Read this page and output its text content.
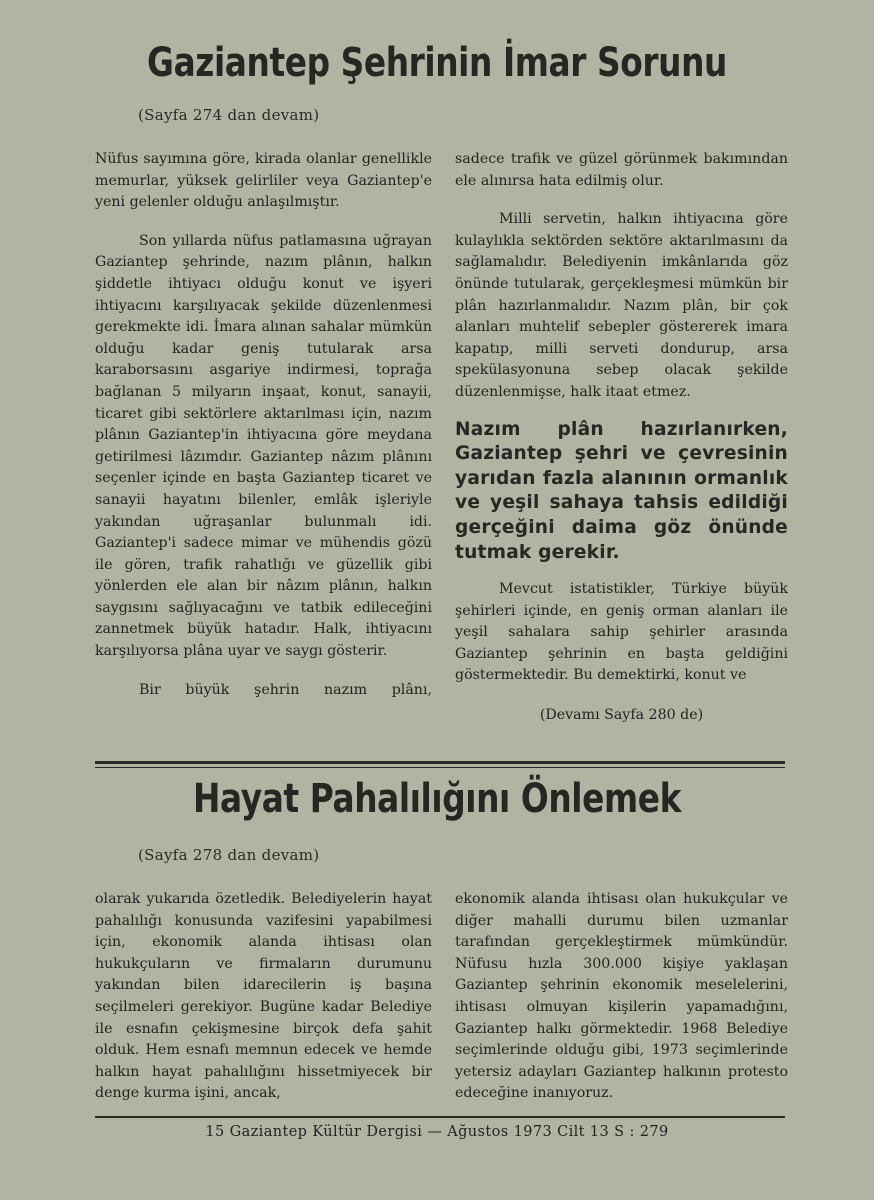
Gaziantep Şehrinin İmar Sorunu
(Sayfa 274 dan devam)

Nüfus sayımına göre, kirada olanlar genellikle memurlar, yüksek gelirliler veya Gaziantep'e yeni gelenler olduğu anlaşılmıştır.

Son yıllarda nüfus patlamasına uğrayan Gaziantep şehrinde, nazım plânın, halkın şiddetle ihtiyacı olduğu konut ve işyeri ihtiyacını karşılıyacak şekilde düzenlenmesi gerekmekte idi. İmara alınan sahalar mümkün olduğu kadar geniş tutularak arsa karaborsasını asgariye indirmesi, toprağa bağlanan 5 milyarın inşaat, konut, sanayii, ticaret gibi sektörlere aktarılması için, nazım plânın Gaziantep'in ihtiyacına göre meydana getirilmesi lâzımdır. Gaziantep nâzım plânını seçenler içinde en başta Gaziantep ticaret ve sanayii hayatını bilenler, emlâk işleriyle yakından uğraşanlar bulunmalı idi. Gaziantep'i sadece mimar ve mühendis gözü ile gören, trafik rahatlığı ve güzellik gibi yönlerden ele alan bir nâzım plânın, halkın saygısını sağlıyacağını ve tatbik edileceğini zannetmek büyük hatadır. Halk, ihtiyacını karşılıyorsa plâna uyar ve saygı gösterir.

Bir büyük şehrin nazım plânı,

sadece trafik ve güzel görünmek bakımından ele alınırsa hata edilmiş olur.

Milli servetin, halkın ihtiyacına göre kulaylıkla sektörden sektöre aktarılmasını da sağlamalıdır. Belediyenin imkânlarıda göz önünde tutularak, gerçekleşmesi mümkün bir plân hazırlanmalıdır. Nazım plân, bir çok alanları muhtelif sebepler göstererek imara kapatıp, milli serveti dondurup, arsa spekülasyonuna sebep olacak şekilde düzenlenmişse, halk itaat etmez.

Nazım plân hazırlanırken, Gaziantep şehri ve çevresinin yarıdan fazla alanının ormanlık ve yeşil sahaya tahsis edildiği gerçeğini daima göz önünde tutmak gerekir.

Mevcut istatistikler, Türkiye büyük şehirleri içinde, en geniş orman alanları ile yeşil sahalara sahip şehirler arasında Gaziantep şehrinin en başta geldiğini göstermektedir. Bu demektirki, konut ve

(Devamı Sayfa 280 de)
Hayat Pahalılığını Önlemek
(Sayfa 278 dan devam)

olarak yukarıda özetledik. Belediyelerin hayat pahalılığı konusunda vazifesini yapabilmesi için, ekonomik alanda ihtisası olan hukukçuların ve firmaların durumunu yakından bilen idarecilerin iş başına seçilmeleri gerekiyor. Bugüne kadar Belediye ile esnafın çekişmesine birçok defa şahit olduk. Hem esnafı memnun edecek ve hemde halkın hayat pahalılığını hissetmiyecek bir denge kurma işini, ancak,

ekonomik alanda ihtisası olan hukukçular ve diğer mahalli durumu bilen uzmanlar tarafından gerçekleştirmek mümkündür. Nüfusu hızla 300.000 kişiye yaklaşan Gaziantep şehrinin ekonomik meselelerini, ihtisası olmuyan kişilerin yapamadığını, Gaziantep halkı görmektedir. 1968 Belediye seçimlerinde olduğu gibi, 1973 seçimlerinde yetersiz adayları Gaziantep halkının protesto edeceğine inanıyoruz.

15 Gaziantep Kültür Dergisi — Ağustos 1973 Cilt 13 S : 279
